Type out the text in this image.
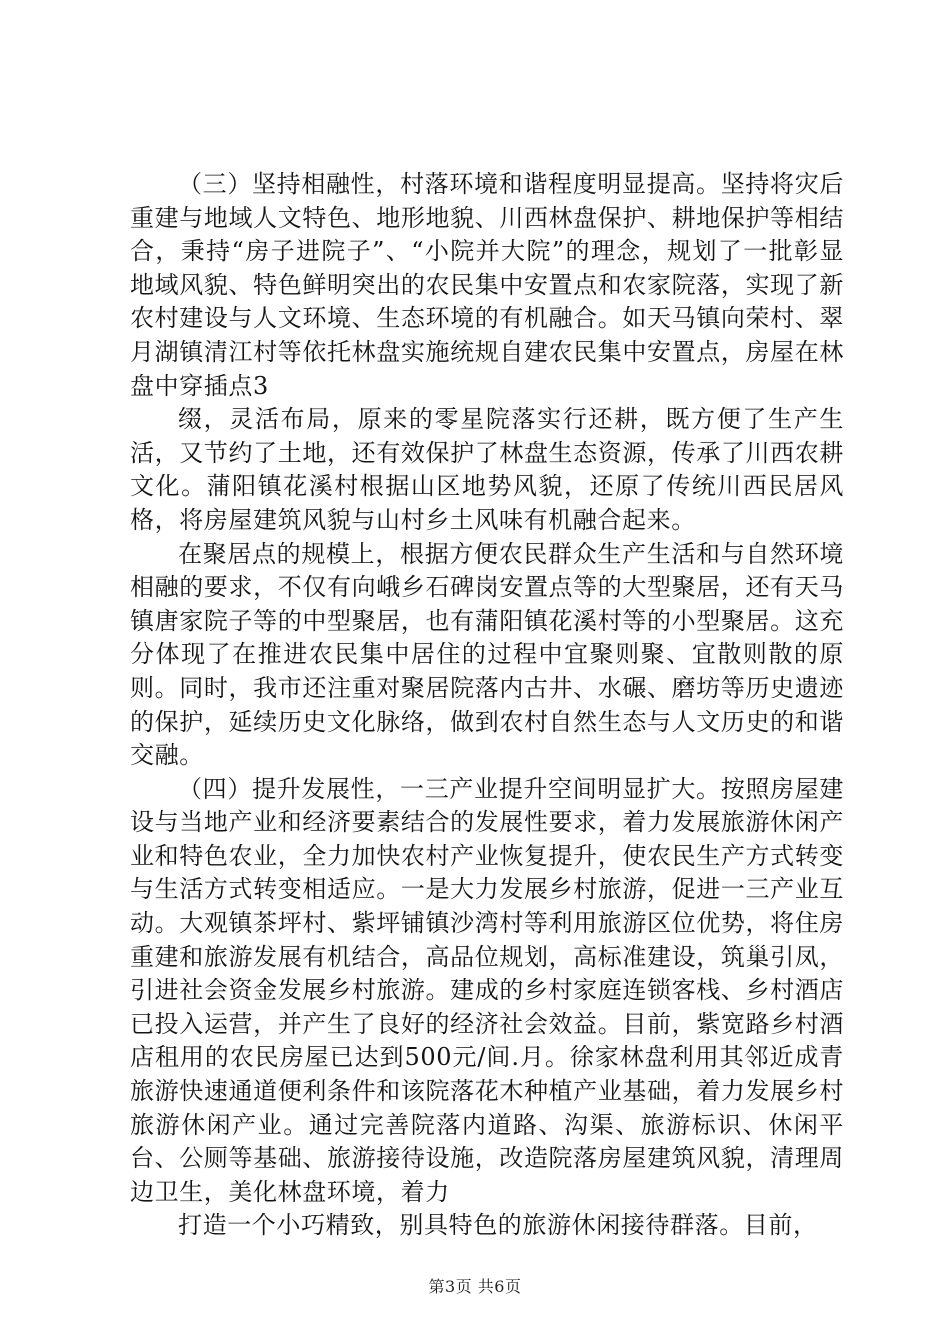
（三）坚持相融性，村落环境和谐程度明显提高。坚持将灾后重建与地域人文特色、地形地貌、川西林盘保护、耕地保护等相结合，秉持“房子进院子”、“小院并大院”的理念，规划了一批彰显地域风貌、特色鲜明突出的农民集中安置点和农家院落，实现了新农村建设与人文环境、生态环境的有机融合。如天马镇向荣村、翠月湖镇清江村等依托林盘实施统规自建农民集中安置点，房屋在林盘中穿插点3

缀，灵活布局，原来的零星院落实行还耕，既方便了生产生活，又节约了土地，还有效保护了林盘生态资源，传承了川西农耕文化。蒲阳镇花溪村根据山区地势风貌，还原了传统川西民居风格，将房屋建筑风貌与山村乡土风味有机融合起来。

在聚居点的规模上，根据方便农民群众生产生活和与自然环境相融的要求，不仅有向峨乡石碑岗安置点等的大型聚居，还有天马镇唐家院子等的中型聚居，也有蒲阳镇花溪村等的小型聚居。这充分体现了在推进农民集中居住的过程中宜聚则聚、宜散则散的原则。同时，我市还注重对聚居院落内古井、水碾、磨坊等历史遗迹的保护，延续历史文化脉络，做到农村自然生态与人文历史的和谐交融。

（四）提升发展性，一三产业提升空间明显扩大。按照房屋建设与当地产业和经济要素结合的发展性要求，着力发展旅游休闲产业和特色农业，全力加快农村产业恢复提升，使农民生产方式转变与生活方式转变相适应。一是大力发展乡村旅游，促进一三产业互动。大观镇茶坪村、紫坪铺镇沙湾村等利用旅游区位优势，将住房重建和旅游发展有机结合，高品位规划，高标准建设，筑巢引凤，引进社会资金发展乡村旅游。建成的乡村家庭连锁客栈、乡村酒店已投入运营，并产生了良好的经济社会效益。目前，紫宽路乡村酒店租用的农民房屋已达到500元/间.月。徐家林盘利用其邻近成青旅游快速通道便利条件和该院落花木种植产业基础，着力发展乡村旅游休闲产业。通过完善院落内道路、沟渠、旅游标识、休闲平台、公厕等基础、旅游接待设施，改造院落房屋建筑风貌，清理周边卫生，美化林盘环境，着力

打造一个小巧精致，别具特色的旅游休闲接待群落。目前，

第3页 共6页
